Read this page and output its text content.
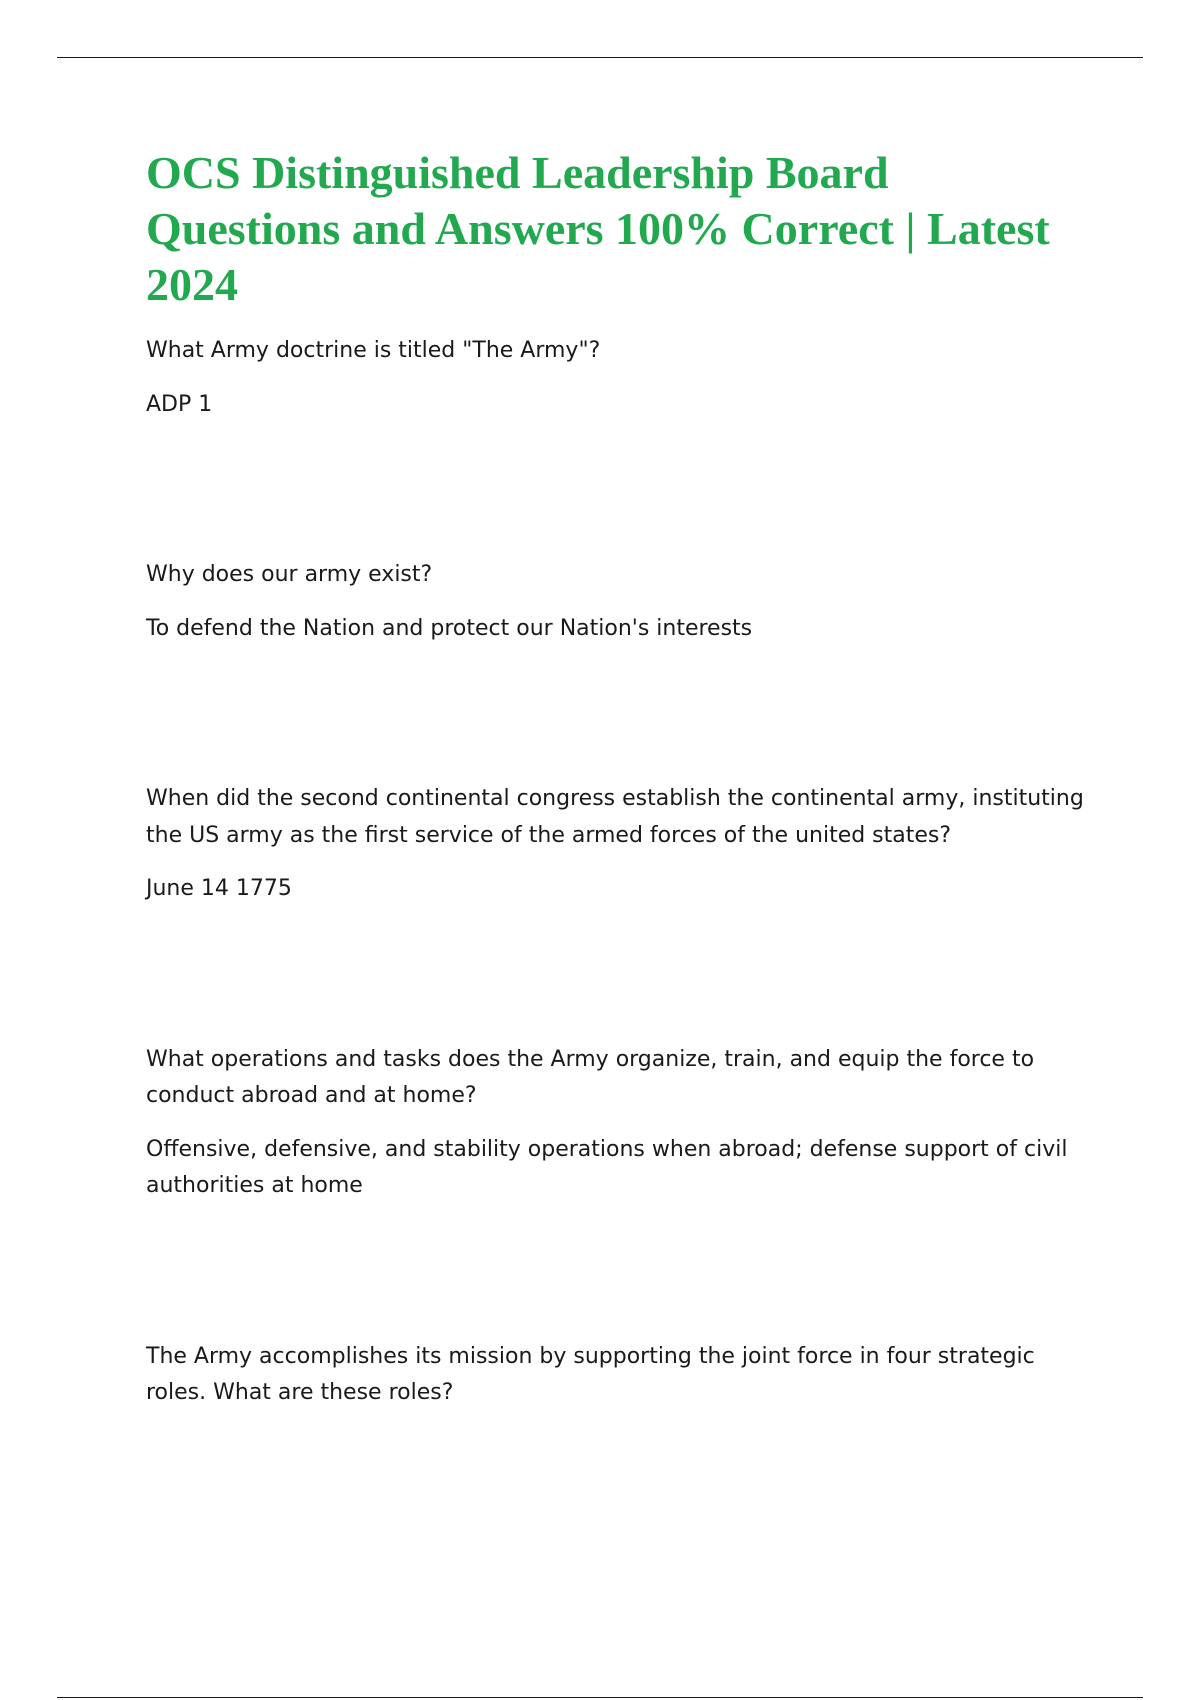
OCS Distinguished Leadership Board Questions and Answers 100% Correct | Latest 2024

What Army doctrine is titled "The Army"?

ADP 1

Why does our army exist?

To defend the Nation and protect our Nation's interests

When did the second continental congress establish the continental army, instituting the US army as the first service of the armed forces of the united states?

June 14 1775

What operations and tasks does the Army organize, train, and equip the force to conduct abroad and at home?

Offensive, defensive, and stability operations when abroad; defense support of civil authorities at home

The Army accomplishes its mission by supporting the joint force in four strategic roles. What are these roles?
